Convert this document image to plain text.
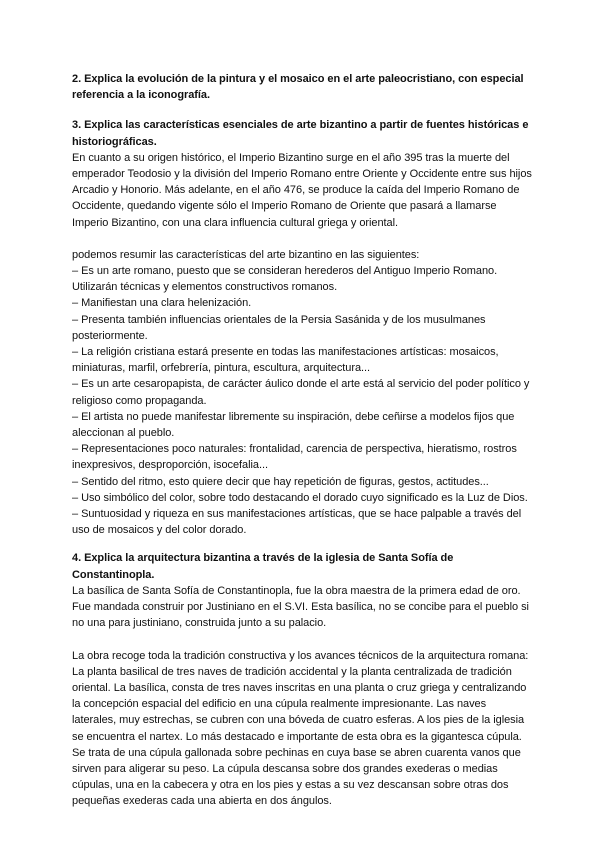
2. Explica la evolución de la pintura y el mosaico en el arte paleocristiano, con especial referencia a la iconografía.

3. Explica las características esenciales de arte bizantino a partir de fuentes históricas e historiográficas.

En cuanto a su origen histórico, el Imperio Bizantino surge en el año 395 tras la muerte del emperador Teodosio y la división del Imperio Romano entre Oriente y Occidente entre sus hijos Arcadio y Honorio. Más adelante, en el año 476, se produce la caída del Imperio Romano de Occidente, quedando vigente sólo el Imperio Romano de Oriente que pasará a llamarse Imperio Bizantino, con una clara influencia cultural griega y oriental.

podemos resumir las características del arte bizantino en las siguientes:

– Es un arte romano, puesto que se consideran herederos del Antiguo Imperio Romano. Utilizarán técnicas y elementos constructivos romanos.

– Manifiestan una clara helenización.

– Presenta también influencias orientales de la Persia Sasánida y de los musulmanes posteriormente.

– La religión cristiana estará presente en todas las manifestaciones artísticas: mosaicos, miniaturas, marfil, orfebrería, pintura, escultura, arquitectura...

– Es un arte cesaropapista, de carácter áulico donde el arte está al servicio del poder político y religioso como propaganda.

– El artista no puede manifestar libremente su inspiración, debe ceñirse a modelos fijos que aleccionan al pueblo.

– Representaciones poco naturales: frontalidad, carencia de perspectiva, hieratismo, rostros inexpresivos, desproporción, isocefalia...

– Sentido del ritmo, esto quiere decir que hay repetición de figuras, gestos, actitudes...

– Uso simbólico del color, sobre todo destacando el dorado cuyo significado es la Luz de Dios.

– Suntuosidad y riqueza en sus manifestaciones artísticas, que se hace palpable a través del uso de mosaicos y del color dorado.

4. Explica la arquitectura bizantina a través de la iglesia de Santa Sofía de Constantinopla.

La basílica de Santa Sofía de Constantinopla, fue la obra maestra de la primera edad de oro. Fue mandada construir por Justiniano en el S.VI. Esta basílica, no se concibe para el pueblo si no una para justiniano, construida junto a su palacio.

La obra recoge toda la tradición constructiva y los avances técnicos de la arquitectura romana:

La planta basilical de tres naves de tradición accidental y la planta centralizada de tradición oriental. La basílica, consta de tres naves inscritas en una planta o cruz griega y centralizando la concepción espacial del edificio en una cúpula realmente impresionante. Las naves laterales, muy estrechas, se cubren con una bóveda de cuatro esferas. A los pies de la iglesia se encuentra el nartex. Lo más destacado e importante de esta obra es la gigantesca cúpula. Se trata de una cúpula gallonada sobre pechinas en cuya base se abren cuarenta vanos que sirven para aligerar su peso. La cúpula descansa sobre dos grandes exederas o medias cúpulas, una en la cabecera y otra en los pies y estas a su vez descansan sobre otras dos pequeñas exederas cada una abierta en dos ángulos.
